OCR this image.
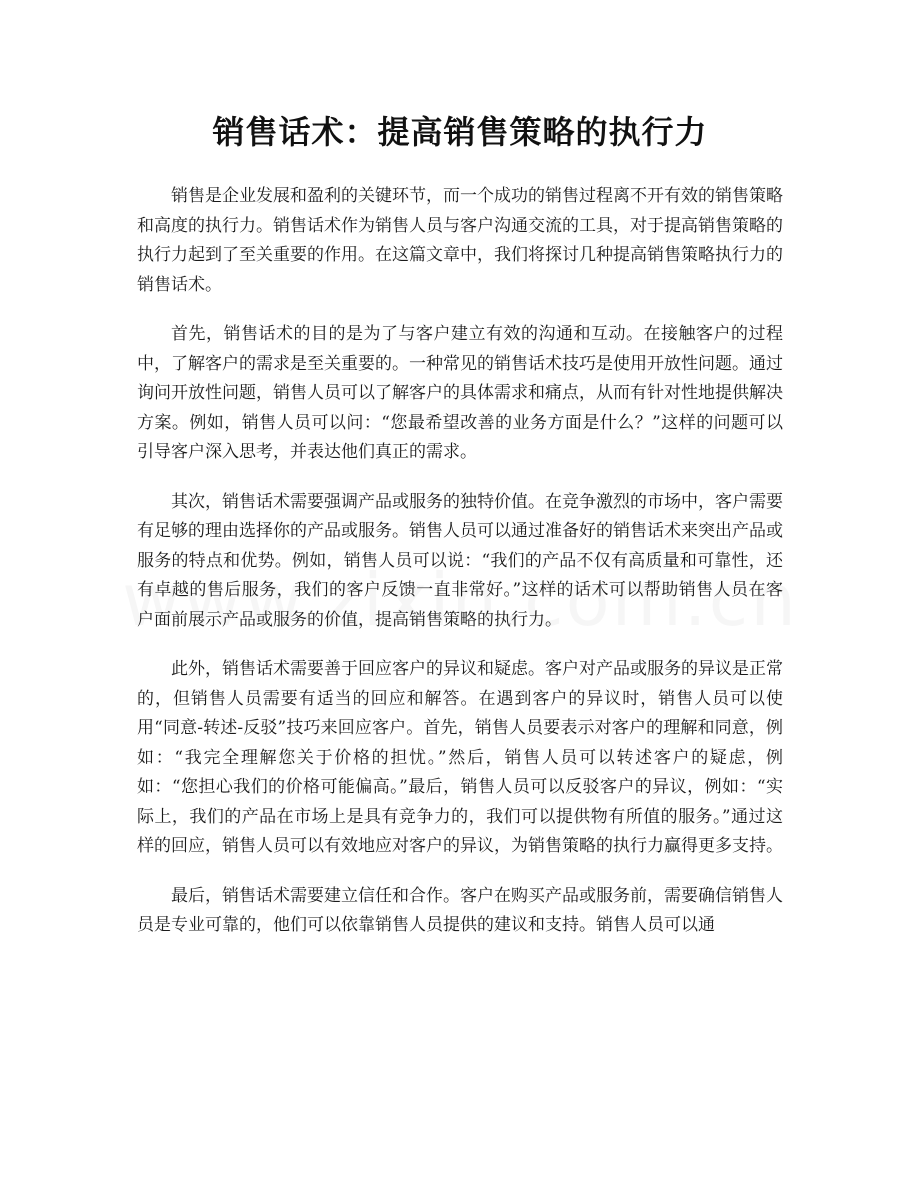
销售话术：提高销售策略的执行力

销售是企业发展和盈利的关键环节，而一个成功的销售过程离不开有效的销售策略和高度的执行力。销售话术作为销售人员与客户沟通交流的工具，对于提高销售策略的执行力起到了至关重要的作用。在这篇文章中，我们将探讨几种提高销售策略执行力的销售话术。

首先，销售话术的目的是为了与客户建立有效的沟通和互动。在接触客户的过程中，了解客户的需求是至关重要的。一种常见的销售话术技巧是使用开放性问题。通过询问开放性问题，销售人员可以了解客户的具体需求和痛点，从而有针对性地提供解决方案。例如，销售人员可以问：“您最希望改善的业务方面是什么？”这样的问题可以引导客户深入思考，并表达他们真正的需求。

其次，销售话术需要强调产品或服务的独特价值。在竞争激烈的市场中，客户需要有足够的理由选择你的产品或服务。销售人员可以通过准备好的销售话术来突出产品或服务的特点和优势。例如，销售人员可以说：“我们的产品不仅有高质量和可靠性，还有卓越的售后服务，我们的客户反馈一直非常好。”这样的话术可以帮助销售人员在客户面前展示产品或服务的价值，提高销售策略的执行力。

此外，销售话术需要善于回应客户的异议和疑虑。客户对产品或服务的异议是正常的，但销售人员需要有适当的回应和解答。在遇到客户的异议时，销售人员可以使用“同意-转述-反驳”技巧来回应客户。首先，销售人员要表示对客户的理解和同意，例如：“我完全理解您关于价格的担忧。”然后，销售人员可以转述客户的疑虑，例如：“您担心我们的价格可能偏高。”最后，销售人员可以反驳客户的异议，例如：“实际上，我们的产品在市场上是具有竞争力的，我们可以提供物有所值的服务。”通过这样的回应，销售人员可以有效地应对客户的异议，为销售策略的执行力赢得更多支持。

最后，销售话术需要建立信任和合作。客户在购买产品或服务前，需要确信销售人员是专业可靠的，他们可以依靠销售人员提供的建议和支持。销售人员可以通
